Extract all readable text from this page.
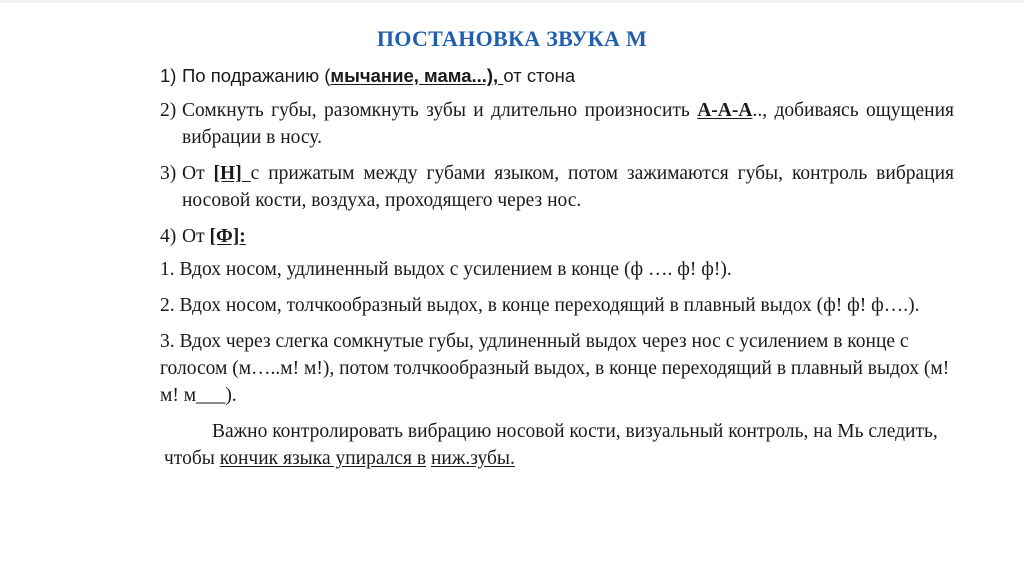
ПОСТАНОВКА ЗВУКА М
1) По подражанию (мычание, мама...), от стона
2) Сомкнуть губы, разомкнуть зубы и длительно произносить А-А-А.., добиваясь ощущения вибрации в носу.
3) От [Н] с прижатым между губами языком, потом зажимаются губы, контроль вибрация носовой кости, воздуха, проходящего через нос.
4) От [Ф]:
1. Вдох носом, удлиненный выдох с усилением в конце (ф …. ф! ф!).
2. Вдох носом, толчкообразный выдох, в конце переходящий в плавный выдох (ф! ф! ф….).
3. Вдох через слегка сомкнутые губы, удлиненный выдох через нос с усилением в конце с голосом (м…..м! м!), потом толчкообразный выдох, в конце переходящий в плавный выдох (м! м! м___).
Важно контролировать вибрацию носовой кости, визуальный контроль, на Мь следить, чтобы кончик языка упирался в ниж.зубы.
